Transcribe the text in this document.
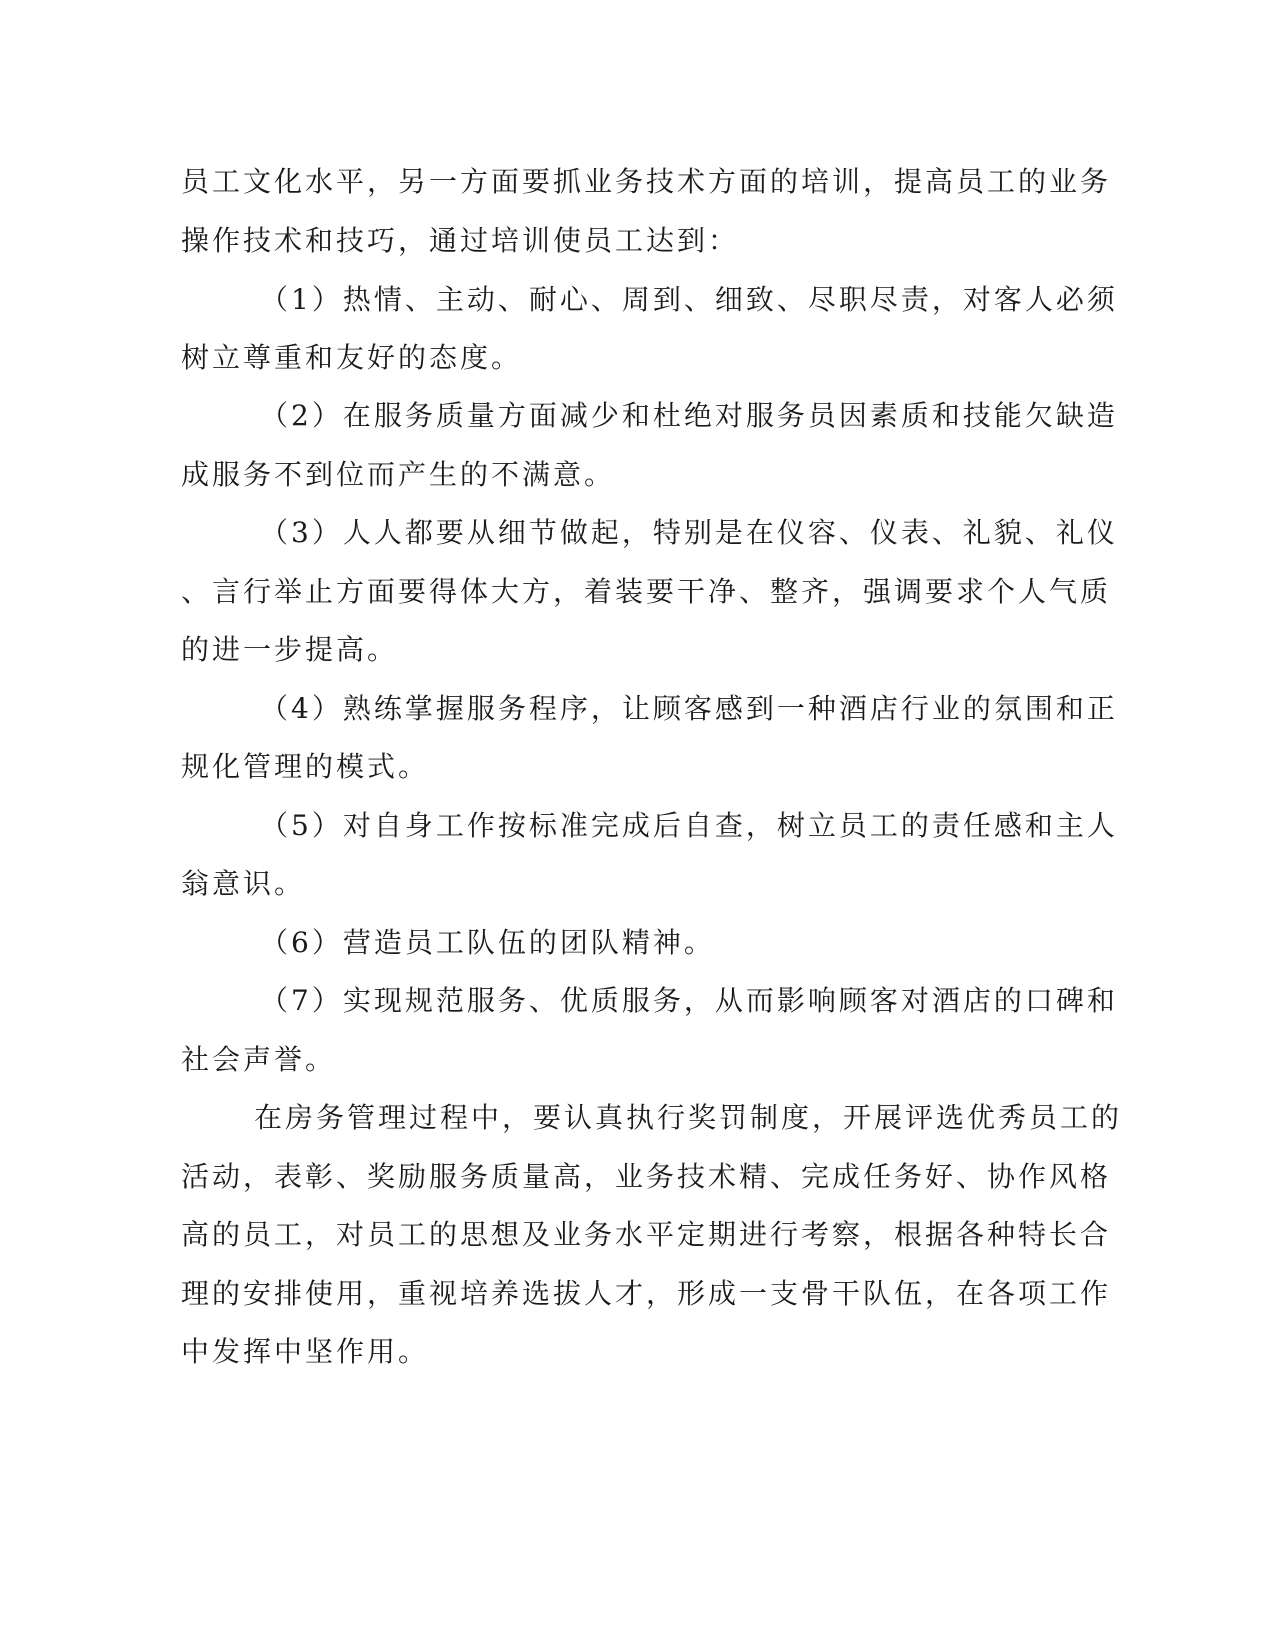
员工文化水平，另一方面要抓业务技术方面的培训，提高员工的业务
操作技术和技巧，通过培训使员工达到：
（1）热情、主动、耐心、周到、细致、尽职尽责，对客人必须
树立尊重和友好的态度。
（2）在服务质量方面减少和杜绝对服务员因素质和技能欠缺造
成服务不到位而产生的不满意。
（3）人人都要从细节做起，特别是在仪容、仪表、礼貌、礼仪
、言行举止方面要得体大方，着装要干净、整齐，强调要求个人气质
的进一步提高。
（4）熟练掌握服务程序，让顾客感到一种酒店行业的氛围和正
规化管理的模式。
（5）对自身工作按标准完成后自查，树立员工的责任感和主人
翁意识。
（6）营造员工队伍的团队精神。
（7）实现规范服务、优质服务，从而影响顾客对酒店的口碑和
社会声誉。
在房务管理过程中，要认真执行奖罚制度，开展评选优秀员工的
活动，表彰、奖励服务质量高，业务技术精、完成任务好、协作风格
高的员工，对员工的思想及业务水平定期进行考察，根据各种特长合
理的安排使用，重视培养选拔人才，形成一支骨干队伍，在各项工作
中发挥中坚作用。
